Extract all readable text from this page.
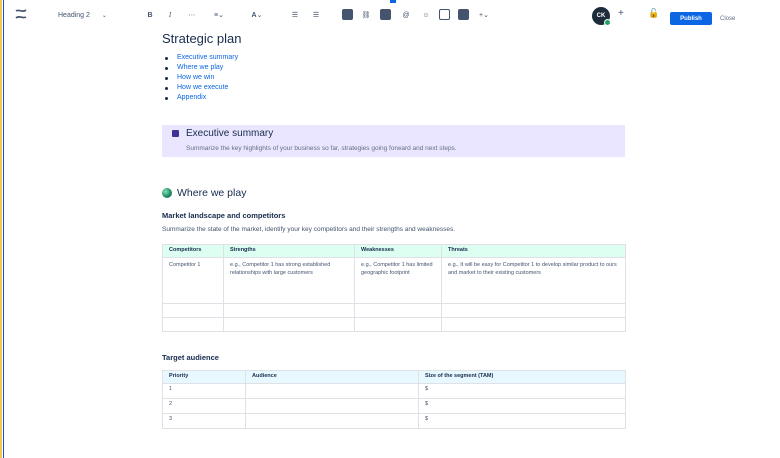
Heading 2 ⌄	B	I	⋯	≡⌄	A ⌄	☰	☰	⛓	@	☺	+⌄	CK +	🔓
Publish	Close
Strategic plan
Executive summary
Where we play
How we win
How we execute
Appendix
Executive summary
Summarize the key highlights of your business so far, strategies going forward and next steps.
Where we play
Market landscape and competitors
Summarize the state of the market, identify your key competitors and their strengths and weaknesses.
Competitors	Strengths	Weaknesses	Threats
Competitor 1	e.g., Competitor 1 has strong established relationships with large customers	e.g., Competitor 1 has limited geographic footprint	e.g., It will be easy for Competitor 1 to develop similar product to ours and market to their existing customers

Target audience
Priority	Audience	Size of the segment (TAM)
1		$
2		$
3		$
